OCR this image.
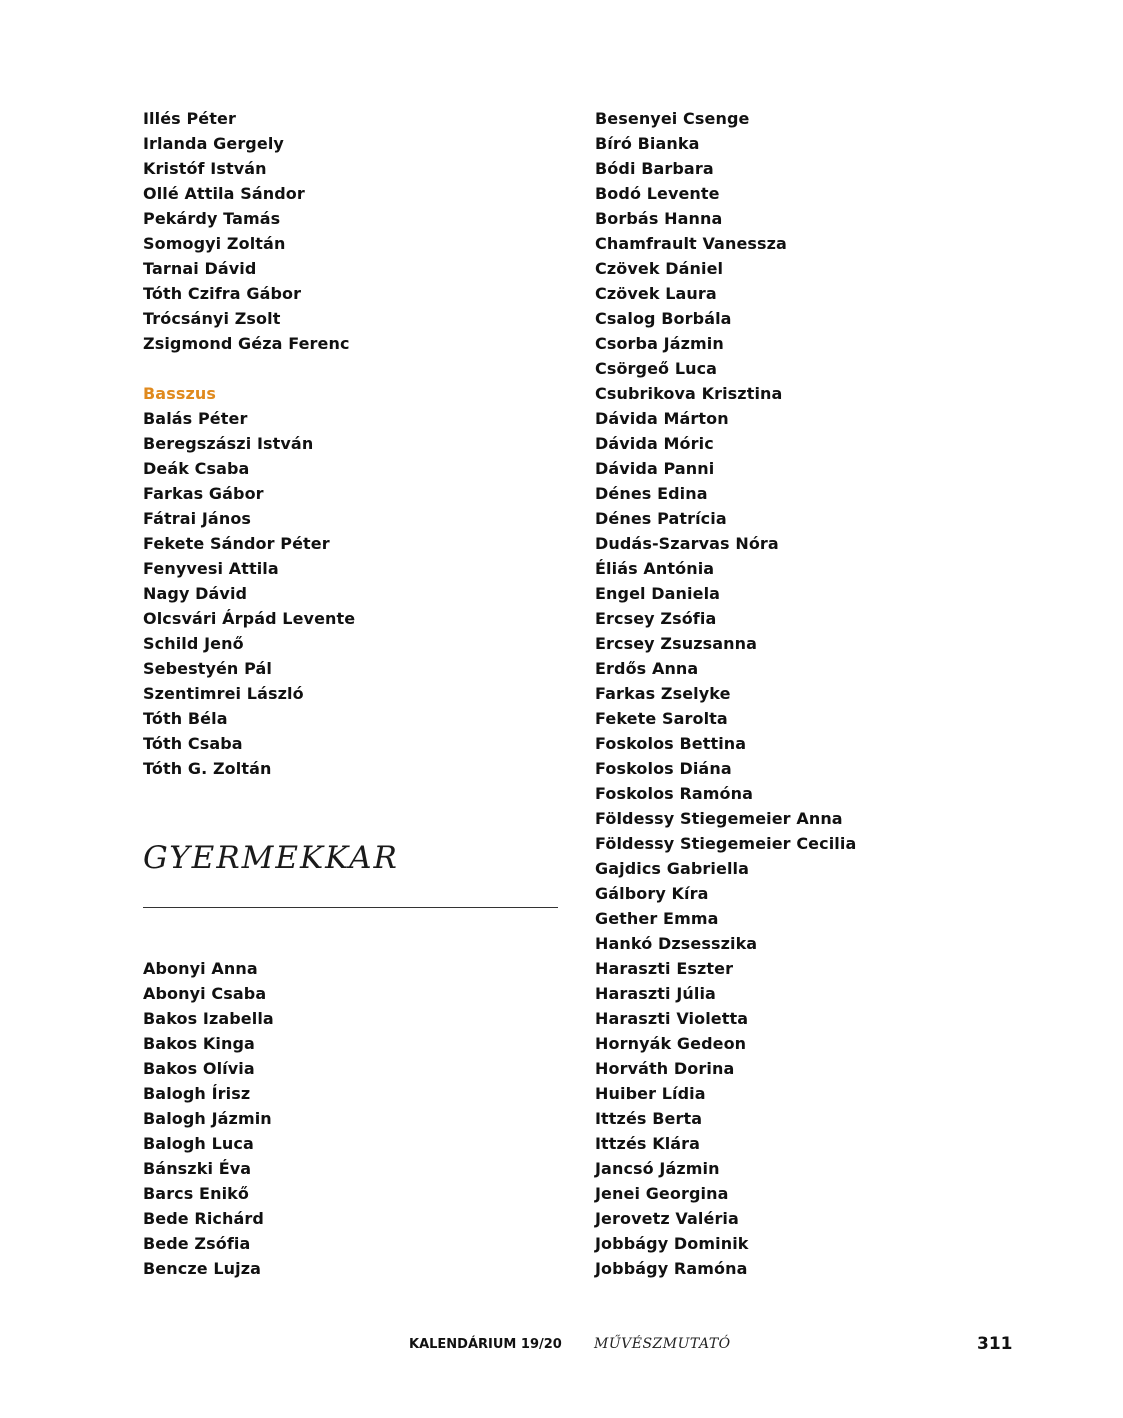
Illés Péter
Irlanda Gergely
Kristóf István
Ollé Attila Sándor
Pekárdy Tamás
Somogyi Zoltán
Tarnai Dávid
Tóth Czifra Gábor
Trócsányi Zsolt
Zsigmond Géza Ferenc
Basszus
Balás Péter
Beregszászi István
Deák Csaba
Farkas Gábor
Fátrai János
Fekete Sándor Péter
Fenyvesi Attila
Nagy Dávid
Olcsvári Árpád Levente
Schild Jenő
Sebestyén Pál
Szentimrei László
Tóth Béla
Tóth Csaba
Tóth G. Zoltán
GYERMEKKAR
Abonyi Anna
Abonyi Csaba
Bakos Izabella
Bakos Kinga
Bakos Olívia
Balogh Írisz
Balogh Jázmin
Balogh Luca
Bánszki Éva
Barcs Enikő
Bede Richárd
Bede Zsófia
Bencze Lujza
Besenyei Csenge
Bíró Bianka
Bódi Barbara
Bodó Levente
Borbás Hanna
Chamfrault Vanessza
Czövek Dániel
Czövek Laura
Csalog Borbála
Csorba Jázmin
Csörgeő Luca
Csubrikova Krisztina
Dávida Márton
Dávida Móric
Dávida Panni
Dénes Edina
Dénes Patrícia
Dudás-Szarvas Nóra
Éliás Antónia
Engel Daniela
Ercsey Zsófia
Ercsey Zsuzsanna
Erdős Anna
Farkas Zselyke
Fekete Sarolta
Foskolos Bettina
Foskolos Diána
Foskolos Ramóna
Földessy Stiegemeier Anna
Földessy Stiegemeier Cecilia
Gajdics Gabriella
Gálbory Kíra
Gether Emma
Hankó Dzsesszika
Haraszti Eszter
Haraszti Júlia
Haraszti Violetta
Hornyák Gedeon
Horváth Dorina
Huiber Lídia
Ittzés Berta
Ittzés Klára
Jancsó Jázmin
Jenei Georgina
Jerovetz Valéria
Jobbágy Dominik
Jobbágy Ramóna
KALENDÁRIUM 19/20 MŰVÉSZMUTATÓ	311
